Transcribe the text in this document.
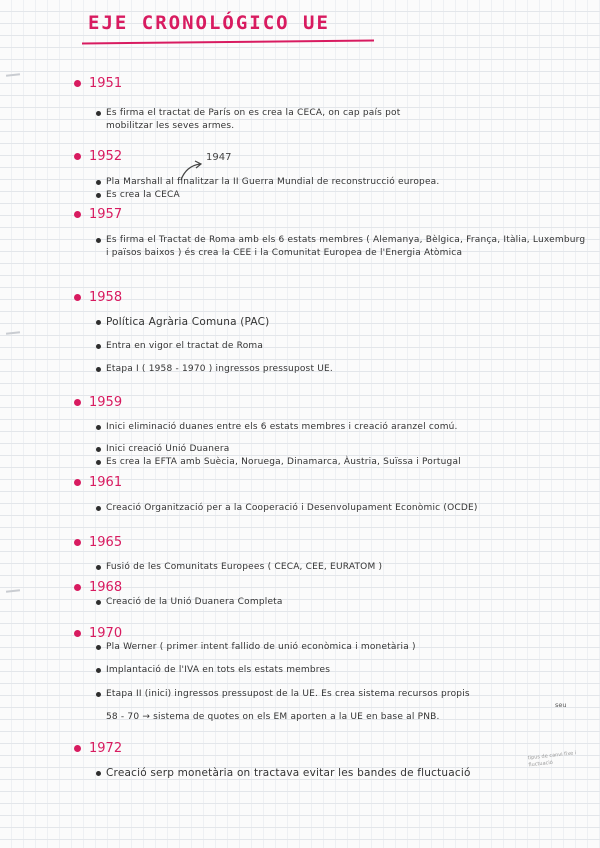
EJE CRONOLÓGICO UE
1951
Es firma el tractat de París on es crea la CECA, on cap país pot
mobilitzar les seves armes.
1952	1947
Pla Marshall al finalitzar la II Guerra Mundial de reconstrucció europea.
Es crea la CECA
1957
Es firma el Tractat de Roma amb els 6 estats membres ( Alemanya, Bèlgica, França, Itàlia, Luxemburg i països baixos ) és crea la CEE i la Comunitat Europea de l'Energia Atòmica
1958
Política Agrària Comuna (PAC)
Entra en vigor el tractat de Roma
Etapa I ( 1958 - 1970 ) ingressos pressupost UE.
1959
Inici eliminació duanes entre els 6 estats membres i creació aranzel comú.
Inici creació Unió Duanera
Es crea la EFTA amb Suècia, Noruega, Dinamarca, Àustria, Suïssa i Portugal
1961
Creació Organització per a la Cooperació i Desenvolupament Econòmic (OCDE)
1965
Fusió de les Comunitats Europees ( CECA, CEE, EURATOM )
1968
Creació de la Unió Duanera Completa
1970
Pla Werner ( primer intent fallido de unió econòmica i monetària )
Implantació de l'IVA en tots els estats membres
Etapa II (inici) ingressos pressupost de la UE. Es crea sistema recursos propis
seu
58 - 70 → sistema de quotes on els EM aporten a la UE en base al PNB.
1972
Creació serp monetària on tractava evitar les bandes de fluctuació
tipus de canvi fixe i fluctuació
